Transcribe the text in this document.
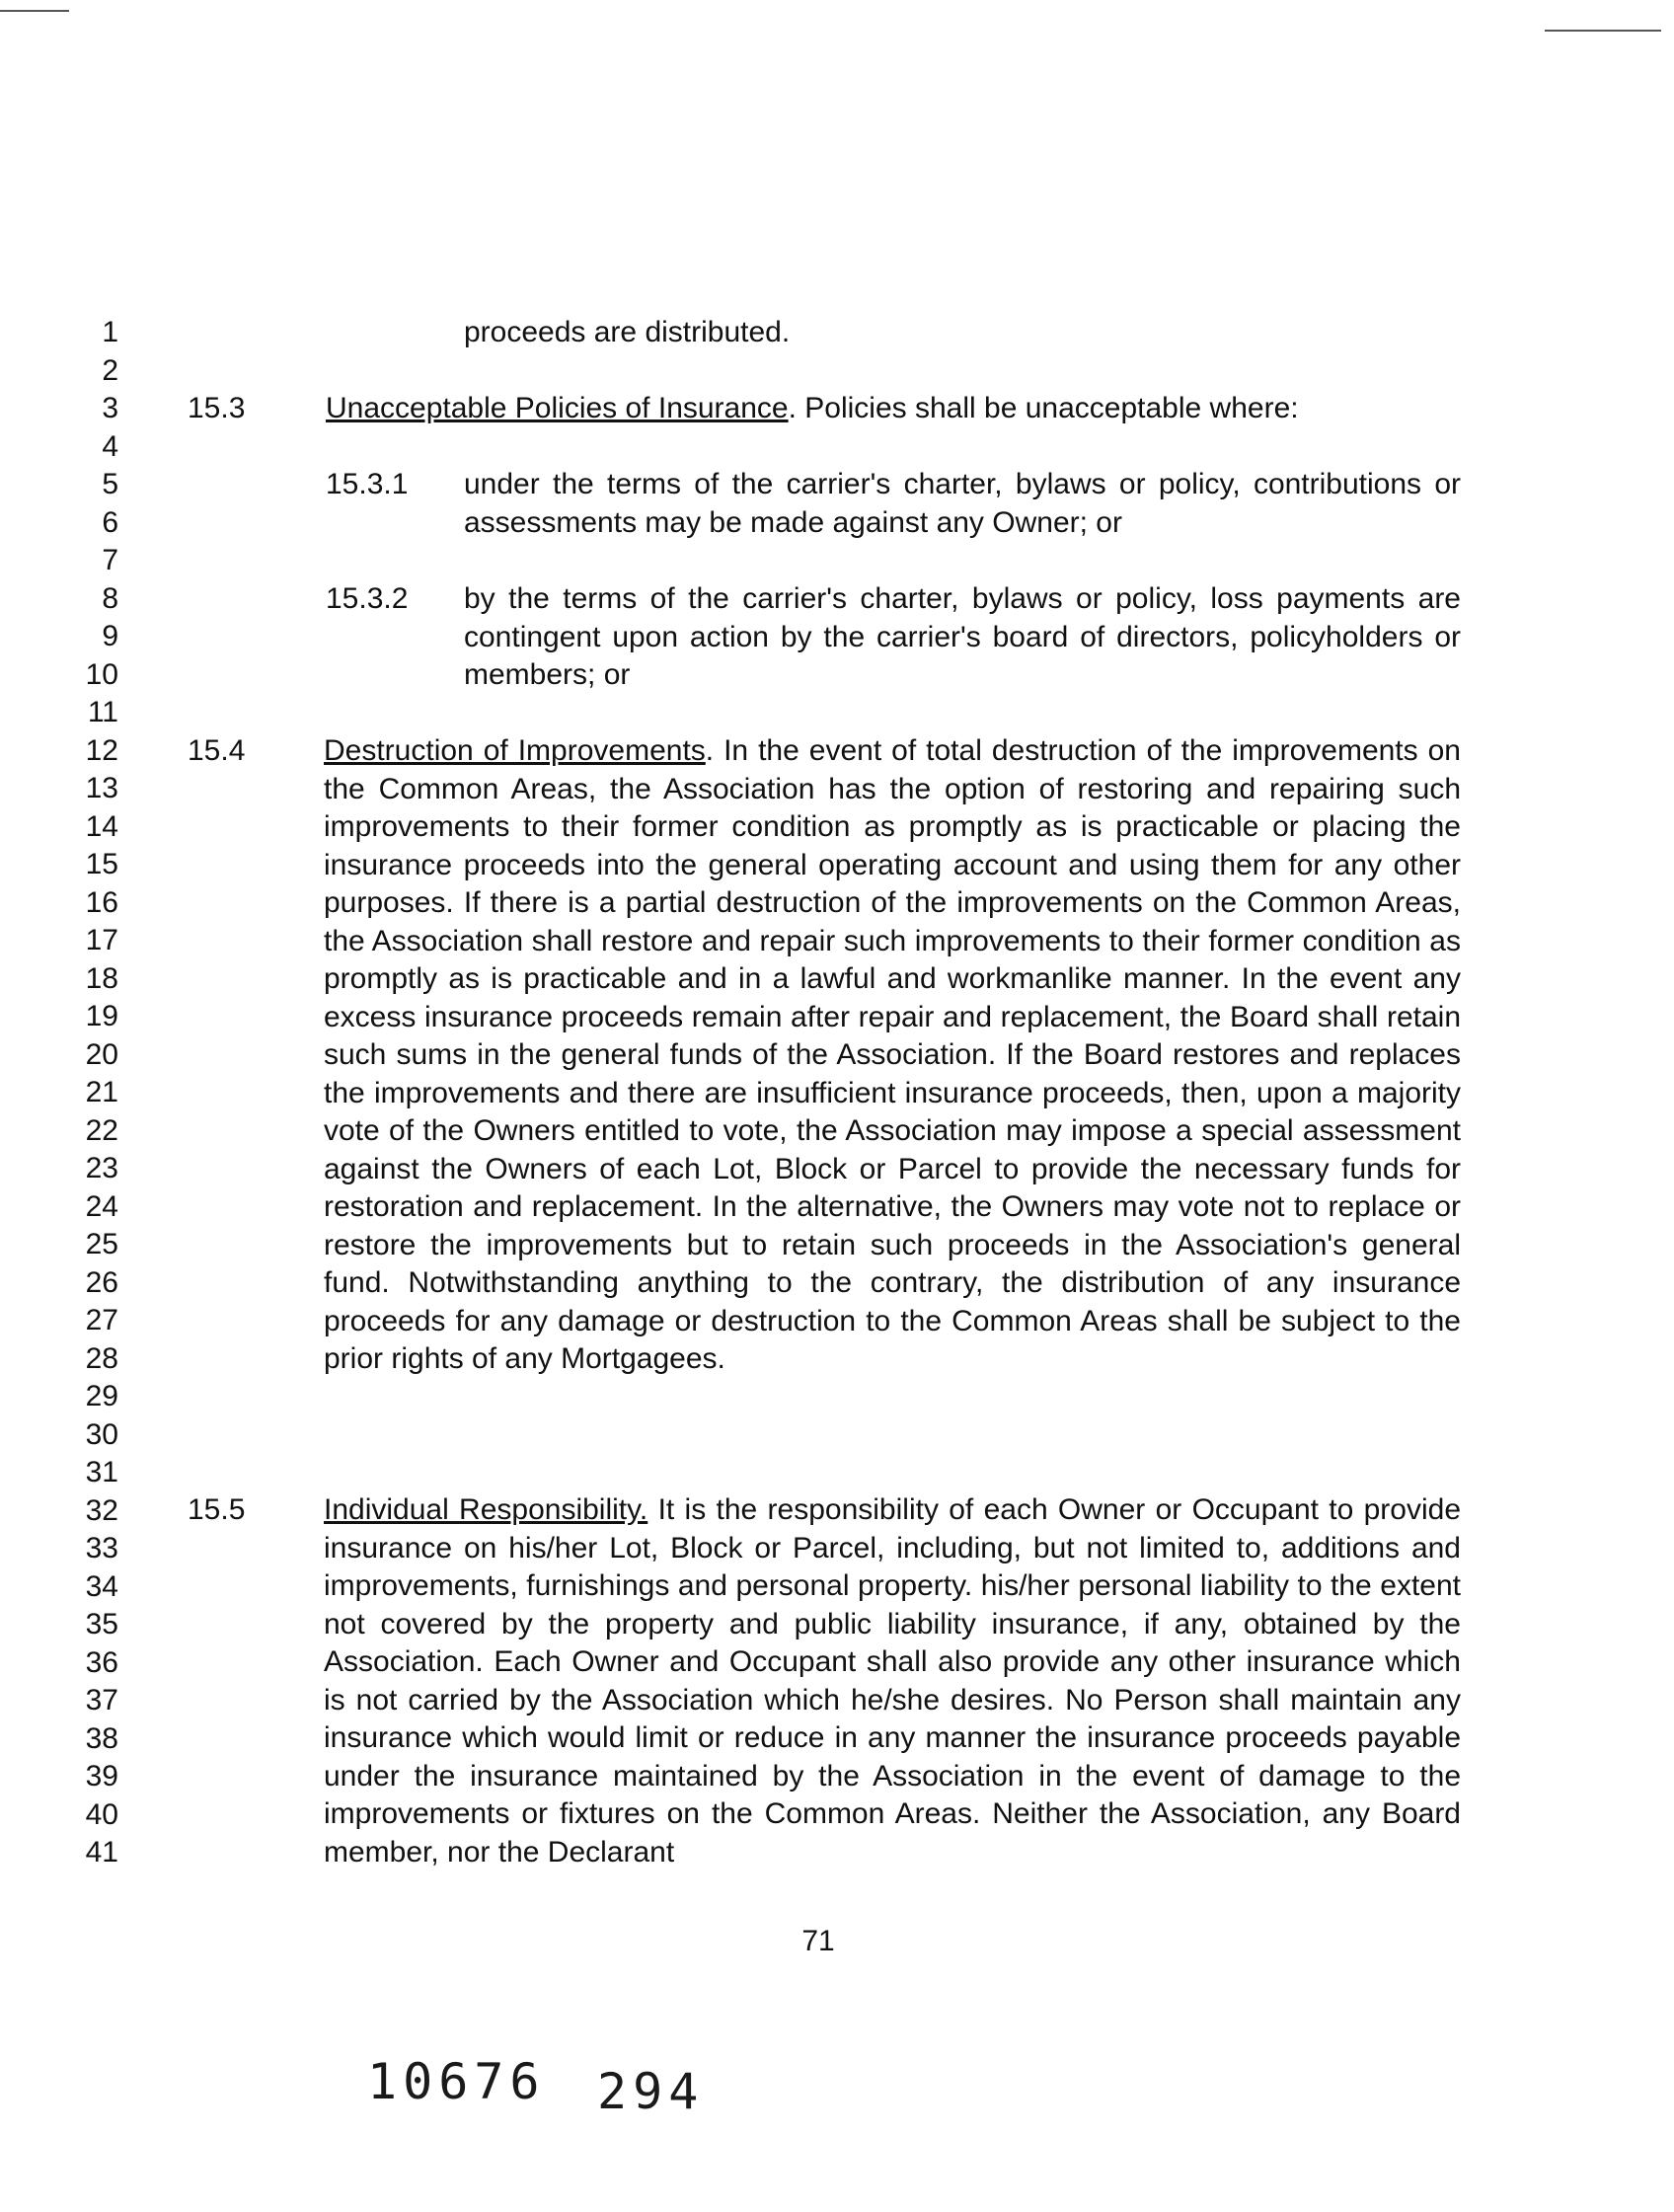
1
2
3
4
5
6
7
8
9
10
11
12
13
14
15
16
17
18
19
20
21
22
23
24
25
26
27
28
29
30
31
32
33
34
35
36
37
38
39
40
41
proceeds are distributed.
15.3	Unacceptable Policies of Insurance. Policies shall be unacceptable where:
15.3.1 under the terms of the carrier's charter, bylaws or policy, contributions or assessments may be made against any Owner; or
15.3.2 by the terms of the carrier's charter, bylaws or policy, loss payments are contingent upon action by the carrier's board of directors, policyholders or members; or
15.4	Destruction of Improvements. In the event of total destruction of the improvements on the Common Areas, the Association has the option of restoring and repairing such improvements to their former condition as promptly as is practicable or placing the insurance proceeds into the general operating account and using them for any other purposes. If there is a partial destruction of the improvements on the Common Areas, the Association shall restore and repair such improvements to their former condition as promptly as is practicable and in a lawful and workmanlike manner. In the event any excess insurance proceeds remain after repair and replacement, the Board shall retain such sums in the general funds of the Association. If the Board restores and replaces the improvements and there are insufficient insurance proceeds, then, upon a majority vote of the Owners entitled to vote, the Association may impose a special assessment against the Owners of each Lot, Block or Parcel to provide the necessary funds for restoration and replacement. In the alternative, the Owners may vote not to replace or restore the improvements but to retain such proceeds in the Association's general fund. Notwithstanding anything to the contrary, the distribution of any insurance proceeds for any damage or destruction to the Common Areas shall be subject to the prior rights of any Mortgagees.
15.5	Individual Responsibility. It is the responsibility of each Owner or Occupant to provide insurance on his/her Lot, Block or Parcel, including, but not limited to, additions and improvements, furnishings and personal property. his/her personal liability to the extent not covered by the property and public liability insurance, if any, obtained by the Association. Each Owner and Occupant shall also provide any other insurance which is not carried by the Association which he/she desires. No Person shall maintain any insurance which would limit or reduce in any manner the insurance proceeds payable under the insurance maintained by the Association in the event of damage to the improvements or fixtures on the Common Areas. Neither the Association, any Board member, nor the Declarant
71
10676 294
